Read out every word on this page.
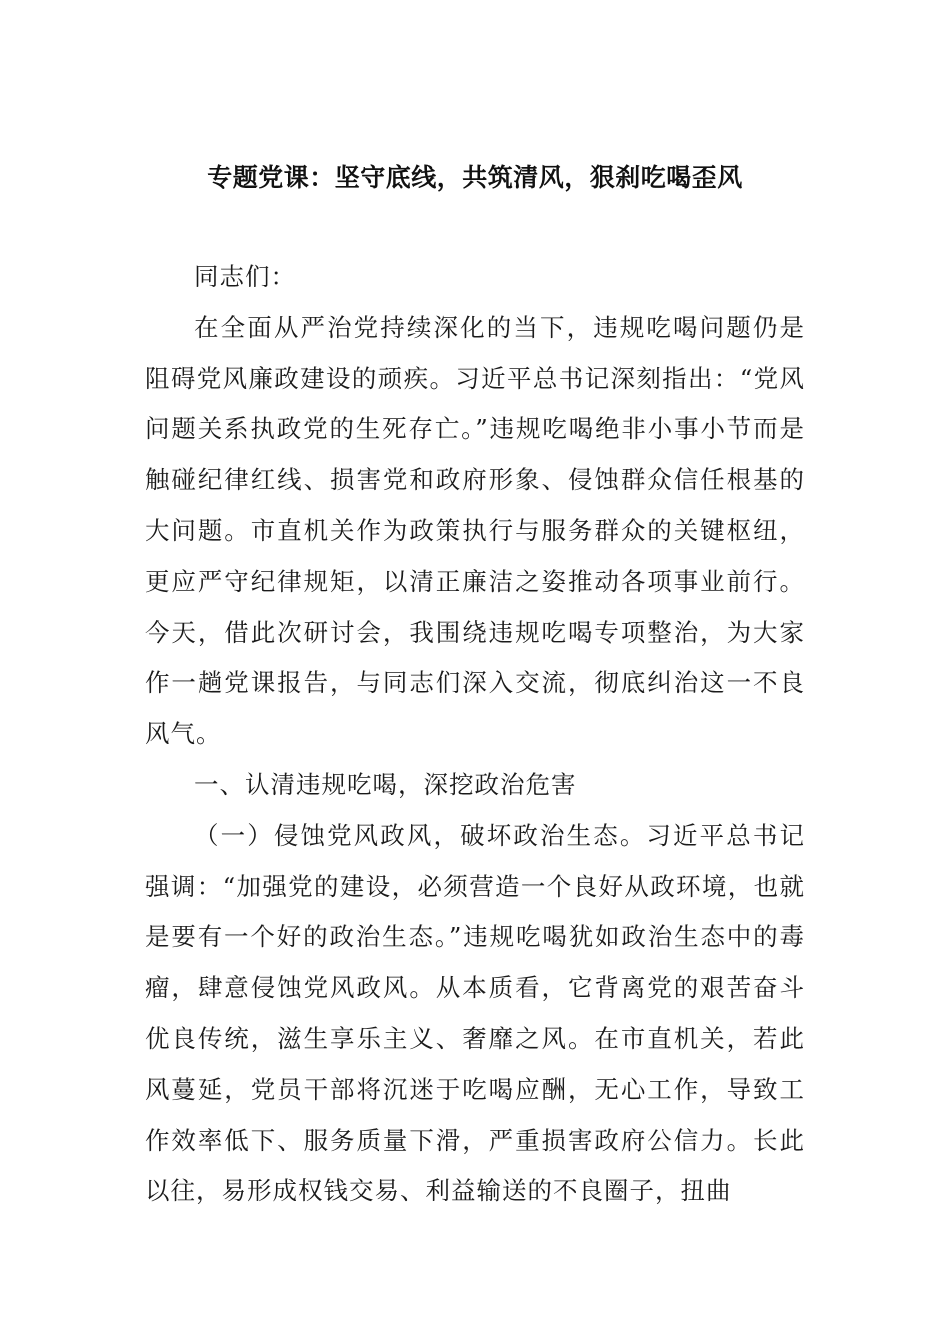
专题党课：坚守底线，共筑清风，狠刹吃喝歪风

同志们：

在全面从严治党持续深化的当下，违规吃喝问题仍是阻碍党风廉政建设的顽疾。习近平总书记深刻指出：“党风问题关系执政党的生死存亡。”违规吃喝绝非小事小节而是触碰纪律红线、损害党和政府形象、侵蚀群众信任根基的大问题。市直机关作为政策执行与服务群众的关键枢纽，更应严守纪律规矩，以清正廉洁之姿推动各项事业前行。今天，借此次研讨会，我围绕违规吃喝专项整治，为大家作一趟党课报告，与同志们深入交流，彻底纠治这一不良风气。

一、认清违规吃喝，深挖政治危害

（一）侵蚀党风政风，破坏政治生态。习近平总书记强调：“加强党的建设，必须营造一个良好从政环境，也就是要有一个好的政治生态。”违规吃喝犹如政治生态中的毒瘤，肆意侵蚀党风政风。从本质看，它背离党的艰苦奋斗优良传统，滋生享乐主义、奢靡之风。在市直机关，若此风蔓延，党员干部将沉迷于吃喝应酬，无心工作，导致工作效率低下、服务质量下滑，严重损害政府公信力。长此以往，易形成权钱交易、利益输送的不良圈子，扭曲
